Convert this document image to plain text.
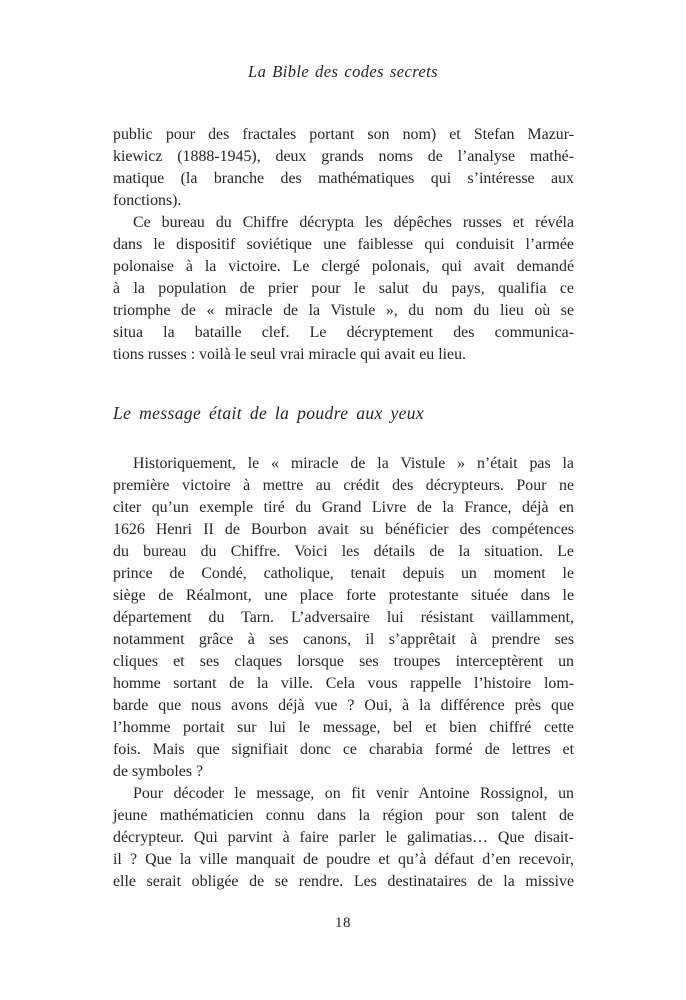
La Bible des codes secrets
public pour des fractales portant son nom) et Stefan Mazur-
kiewicz (1888-1945), deux grands noms de l’analyse mathé-
matique (la branche des mathématiques qui s’intéresse aux
fonctions).
Ce bureau du Chiffre décrypta les dépêches russes et révéla
dans le dispositif soviétique une faiblesse qui conduisit l’armée
polonaise à la victoire. Le clergé polonais, qui avait demandé
à la population de prier pour le salut du pays, qualifia ce
triomphe de « miracle de la Vistule », du nom du lieu où se
situa la bataille clef. Le décryptement des communica-
tions russes : voilà le seul vrai miracle qui avait eu lieu.
Le message était de la poudre aux yeux
Historiquement, le « miracle de la Vistule » n’était pas la
première victoire à mettre au crédit des décrypteurs. Pour ne
citer qu’un exemple tiré du Grand Livre de la France, déjà en
1626 Henri II de Bourbon avait su bénéficier des compétences
du bureau du Chiffre. Voici les détails de la situation. Le
prince de Condé, catholique, tenait depuis un moment le
siège de Réalmont, une place forte protestante située dans le
département du Tarn. L’adversaire lui résistant vaillamment,
notamment grâce à ses canons, il s’apprêtait à prendre ses
cliques et ses claques lorsque ses troupes interceptèrent un
homme sortant de la ville. Cela vous rappelle l’histoire lom-
barde que nous avons déjà vue ? Oui, à la différence près que
l’homme portait sur lui le message, bel et bien chiffré cette
fois. Mais que signifiait donc ce charabia formé de lettres et
de symboles ?
Pour décoder le message, on fit venir Antoine Rossignol, un
jeune mathématicien connu dans la région pour son talent de
décrypteur. Qui parvint à faire parler le galimatias… Que disait-
il ? Que la ville manquait de poudre et qu’à défaut d’en recevoir,
elle serait obligée de se rendre. Les destinataires de la missive
18
